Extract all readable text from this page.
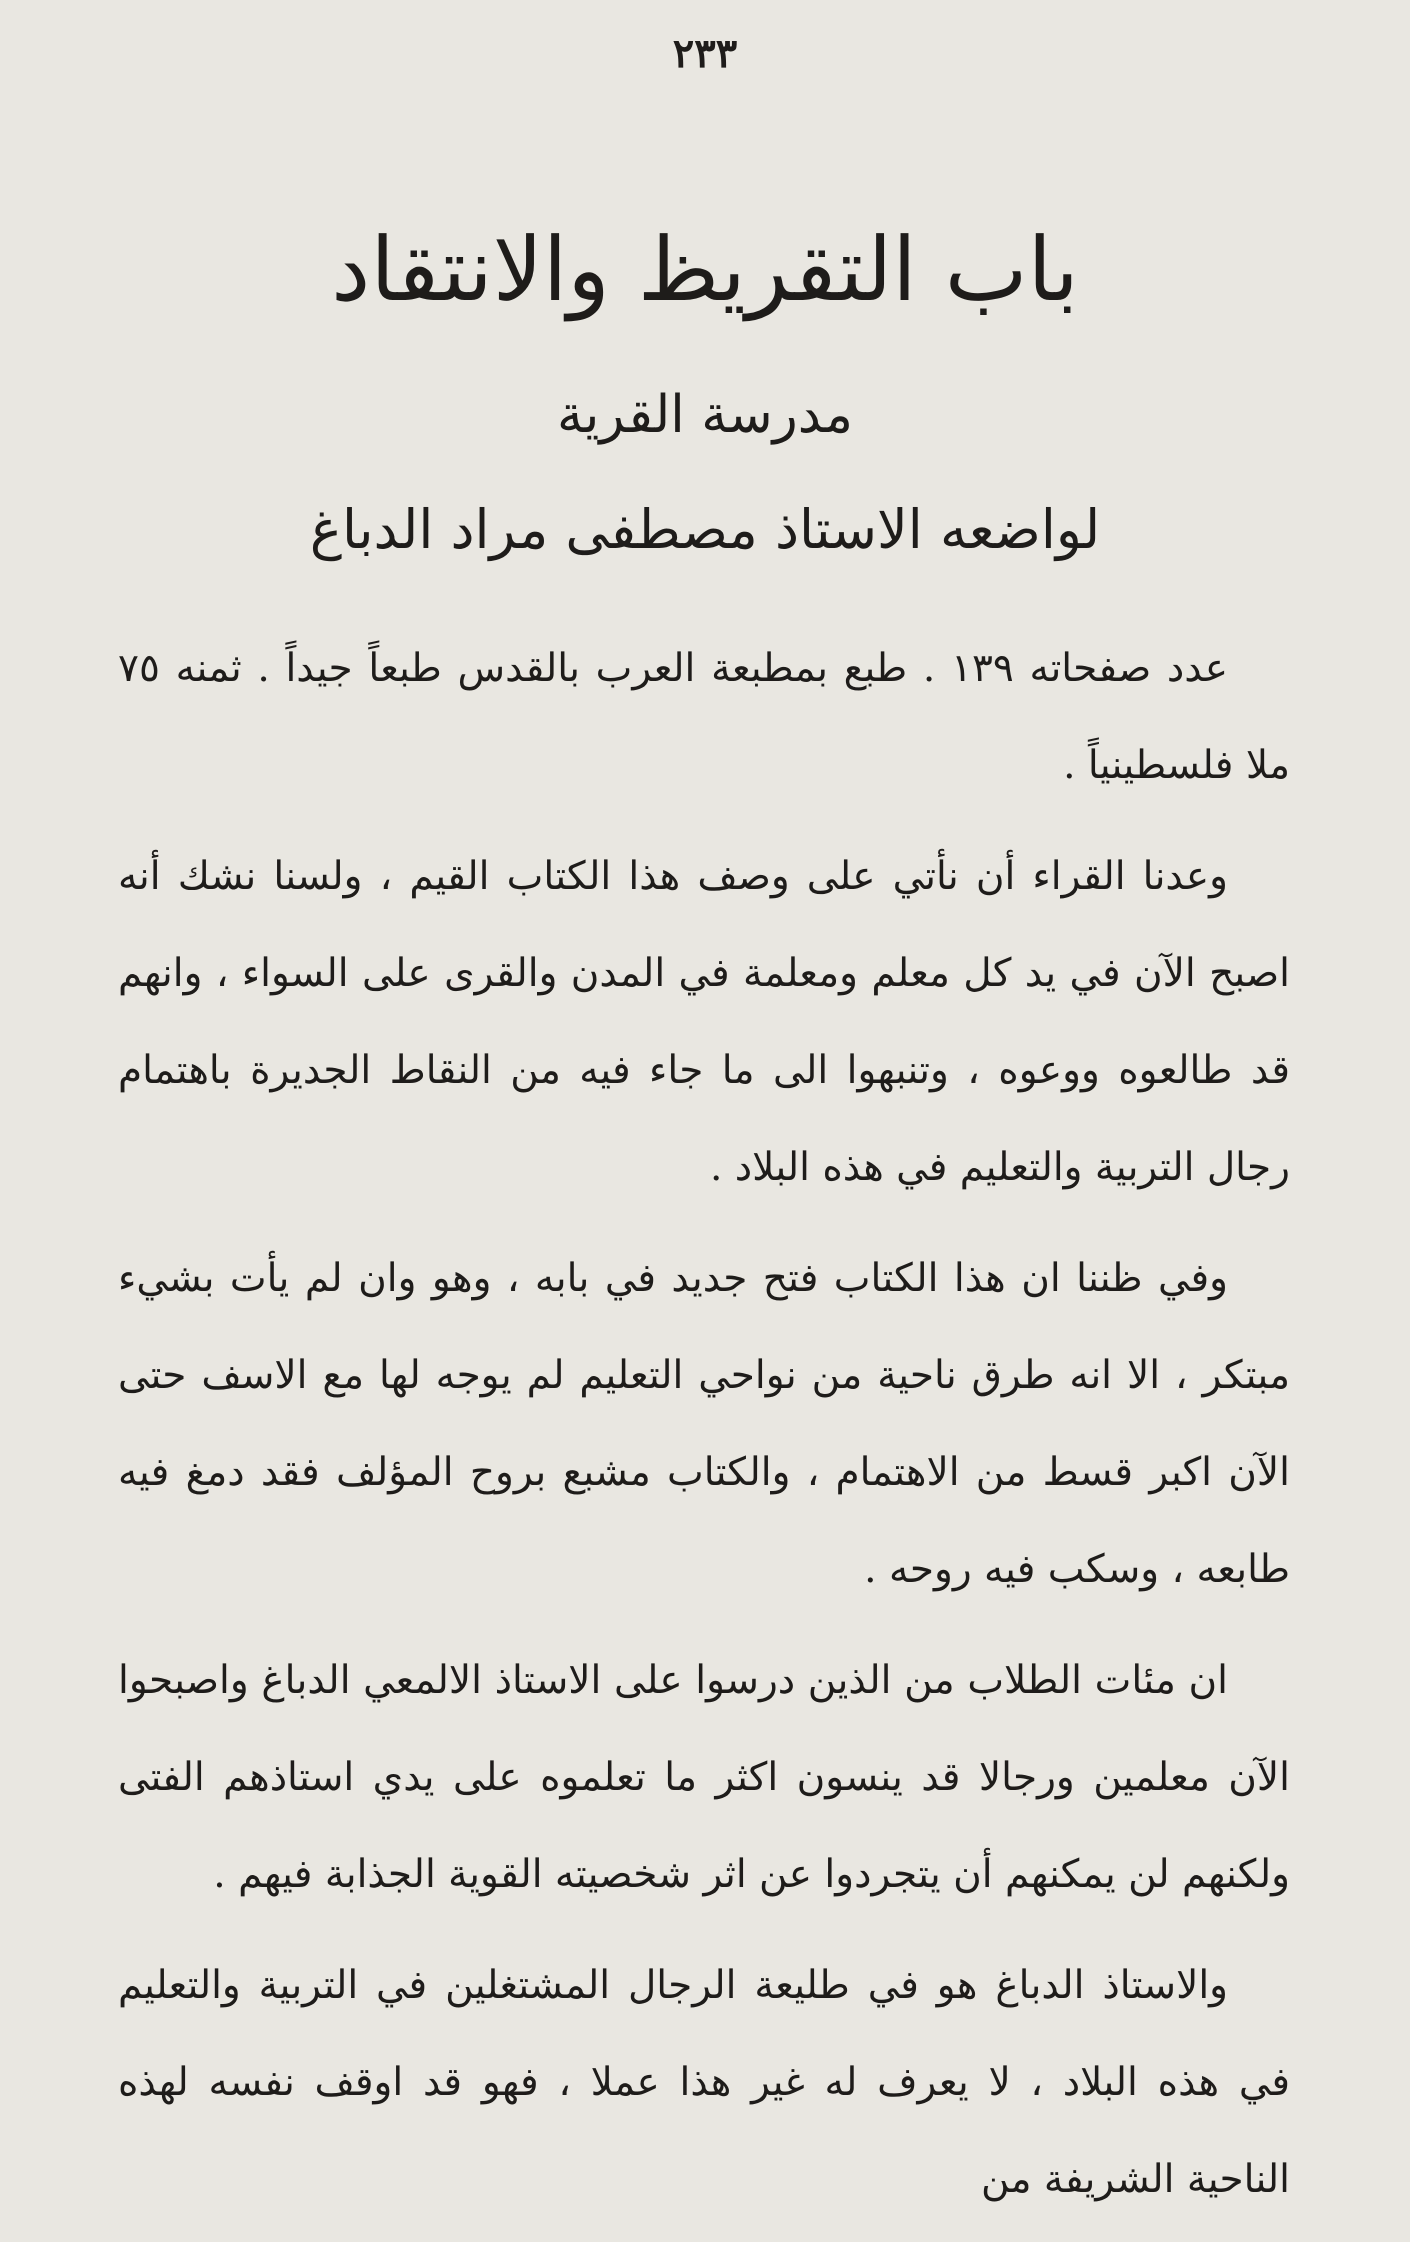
٢٣٣
باب التقريظ والانتقاد
مدرسة القرية
لواضعه الاستاذ مصطفى مراد الدباغ

عدد صفحاته ١٣٩ . طبع بمطبعة العرب بالقدس طبعاً جيداً . ثمنه ٧٥ ملا فلسطينياً .

وعدنا القراء أن نأتي على وصف هذا الكتاب القيم ، ولسنا نشك أنه اصبح الآن في يد كل معلم ومعلمة في المدن والقرى على السواء ، وانهم قد طالعوه ووعوه ، وتنبهوا الى ما جاء فيه من النقاط الجديرة باهتمام رجال التربية والتعليم في هذه البلاد .

وفي ظننا ان هذا الكتاب فتح جديد في بابه ، وهو وان لم يأت بشيء مبتكر ، الا انه طرق ناحية من نواحي التعليم لم يوجه لها مع الاسف حتى الآن اكبر قسط من الاهتمام ، والكتاب مشبع بروح المؤلف فقد دمغ فيه طابعه ، وسكب فيه روحه .

ان مئات الطلاب من الذين درسوا على الاستاذ الالمعي الدباغ واصبحوا الآن معلمين ورجالا قد ينسون اكثر ما تعلموه على يدي استاذهم الفتى ولكنهم لن يمكنهم أن يتجردوا عن اثر شخصيته القوية الجذابة فيهم .

والاستاذ الدباغ هو في طليعة الرجال المشتغلين في التربية والتعليم في هذه البلاد ، لا يعرف له غير هذا عملا ، فهو قد اوقف نفسه لهذه الناحية الشريفة من
